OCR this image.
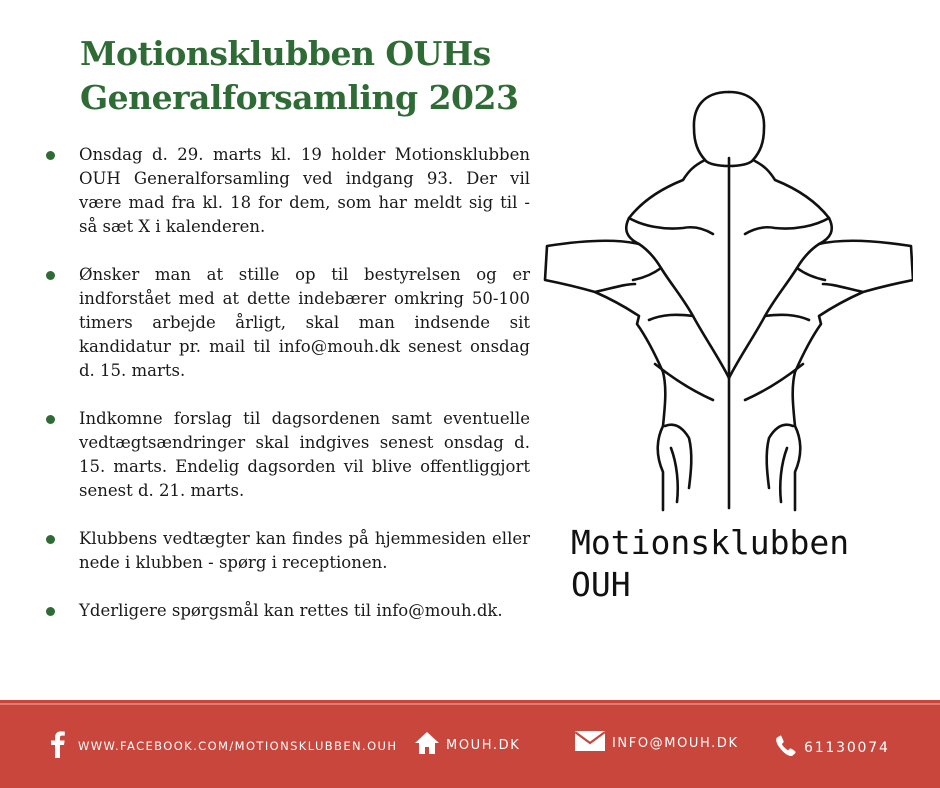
Motionsklubben OUHs
Generalforsamling 2023
Onsdag d. 29. marts kl. 19 holder Motionsklubben OUH Generalforsamling ved indgang 93. Der vil være mad fra kl. 18 for dem, som har meldt sig til - så sæt X i kalenderen.
Ønsker man at stille op til bestyrelsen og er indforstået med at dette indebærer omkring 50-100 timers arbejde årligt, skal man indsende sit kandidatur pr. mail til info@mouh.dk senest onsdag d. 15. marts.
Indkomne forslag til dagsordenen samt eventuelle vedtægtsændringer skal indgives senest onsdag d. 15. marts. Endelig dagsorden vil blive offentliggjort senest d. 21. marts.
Klubbens vedtægter kan findes på hjemmesiden eller nede i klubben - spørg i receptionen.
Yderligere spørgsmål kan rettes til info@mouh.dk.
Motionsklubben
OUH
WWW.FACEBOOK.COM/MOTIONSKLUBBEN.OUH	MOUH.DK	INFO@MOUH.DK	61130074
